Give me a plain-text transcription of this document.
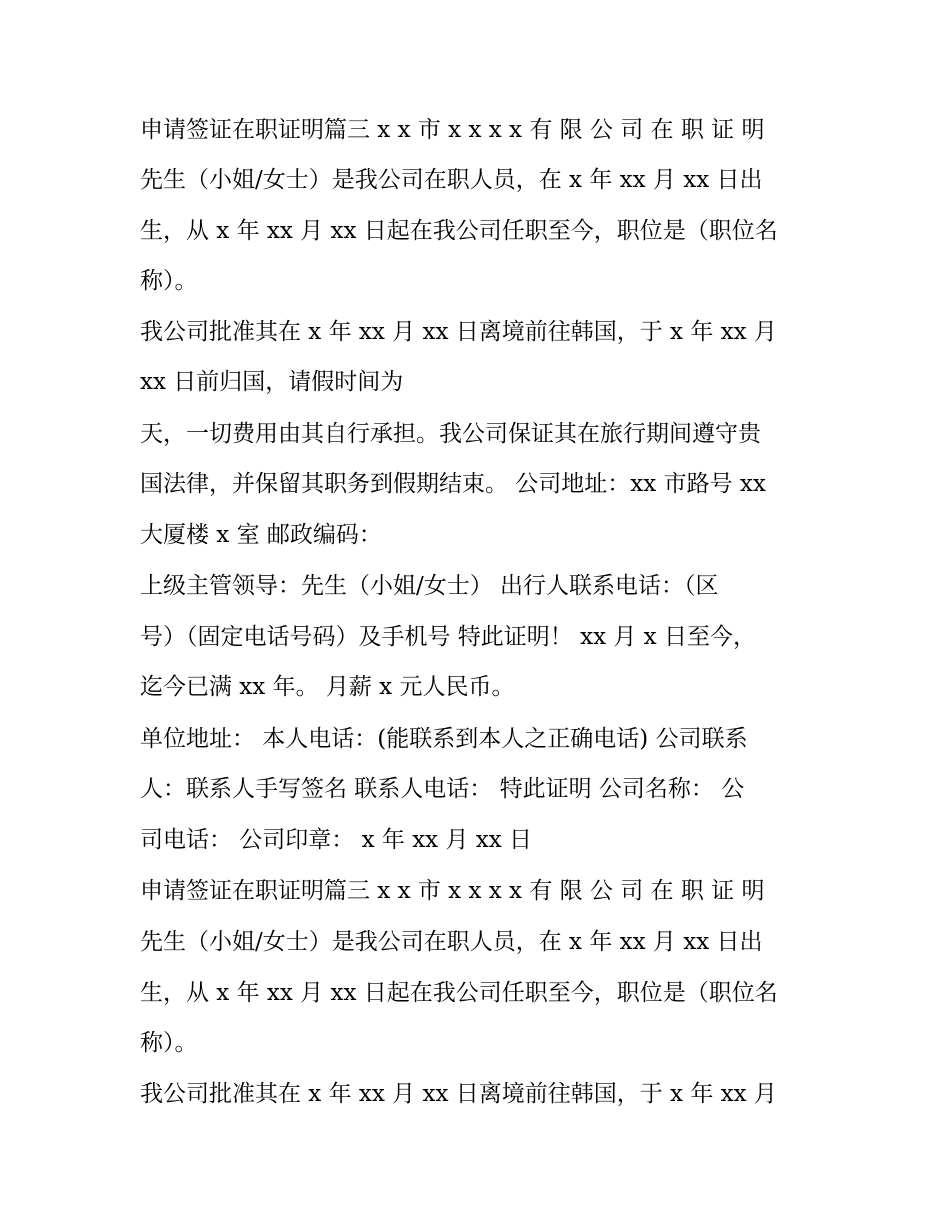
申请签证在职证明篇三 x x 市 x x x x 有 限 公 司 在 职 证 明

先生（小姐/女士）是我公司在职人员，在 x 年 xx 月 xx 日出

生，从 x 年 xx 月 xx 日起在我公司任职至今，职位是（职位名

称）。

我公司批准其在 x 年 xx 月 xx 日离境前往韩国，于 x 年 xx 月

xx 日前归国，请假时间为

天，一切费用由其自行承担。我公司保证其在旅行期间遵守贵

国法律，并保留其职务到假期结束。 公司地址：xx 市路号 xx

大厦楼 x 室 邮政编码：

上级主管领导：先生（小姐/女士） 出行人联系电话：（区

号）（固定电话号码）及手机号 特此证明！ xx 月 x 日至今，

迄今已满 xx 年。 月薪 x 元人民币。

单位地址： 本人电话：(能联系到本人之正确电话) 公司联系

人：联系人手写签名 联系人电话： 特此证明 公司名称： 公

司电话： 公司印章： x 年 xx 月 xx 日

申请签证在职证明篇三 x x 市 x x x x 有 限 公 司 在 职 证 明

先生（小姐/女士）是我公司在职人员，在 x 年 xx 月 xx 日出

生，从 x 年 xx 月 xx 日起在我公司任职至今，职位是（职位名

称）。

我公司批准其在 x 年 xx 月 xx 日离境前往韩国，于 x 年 xx 月
